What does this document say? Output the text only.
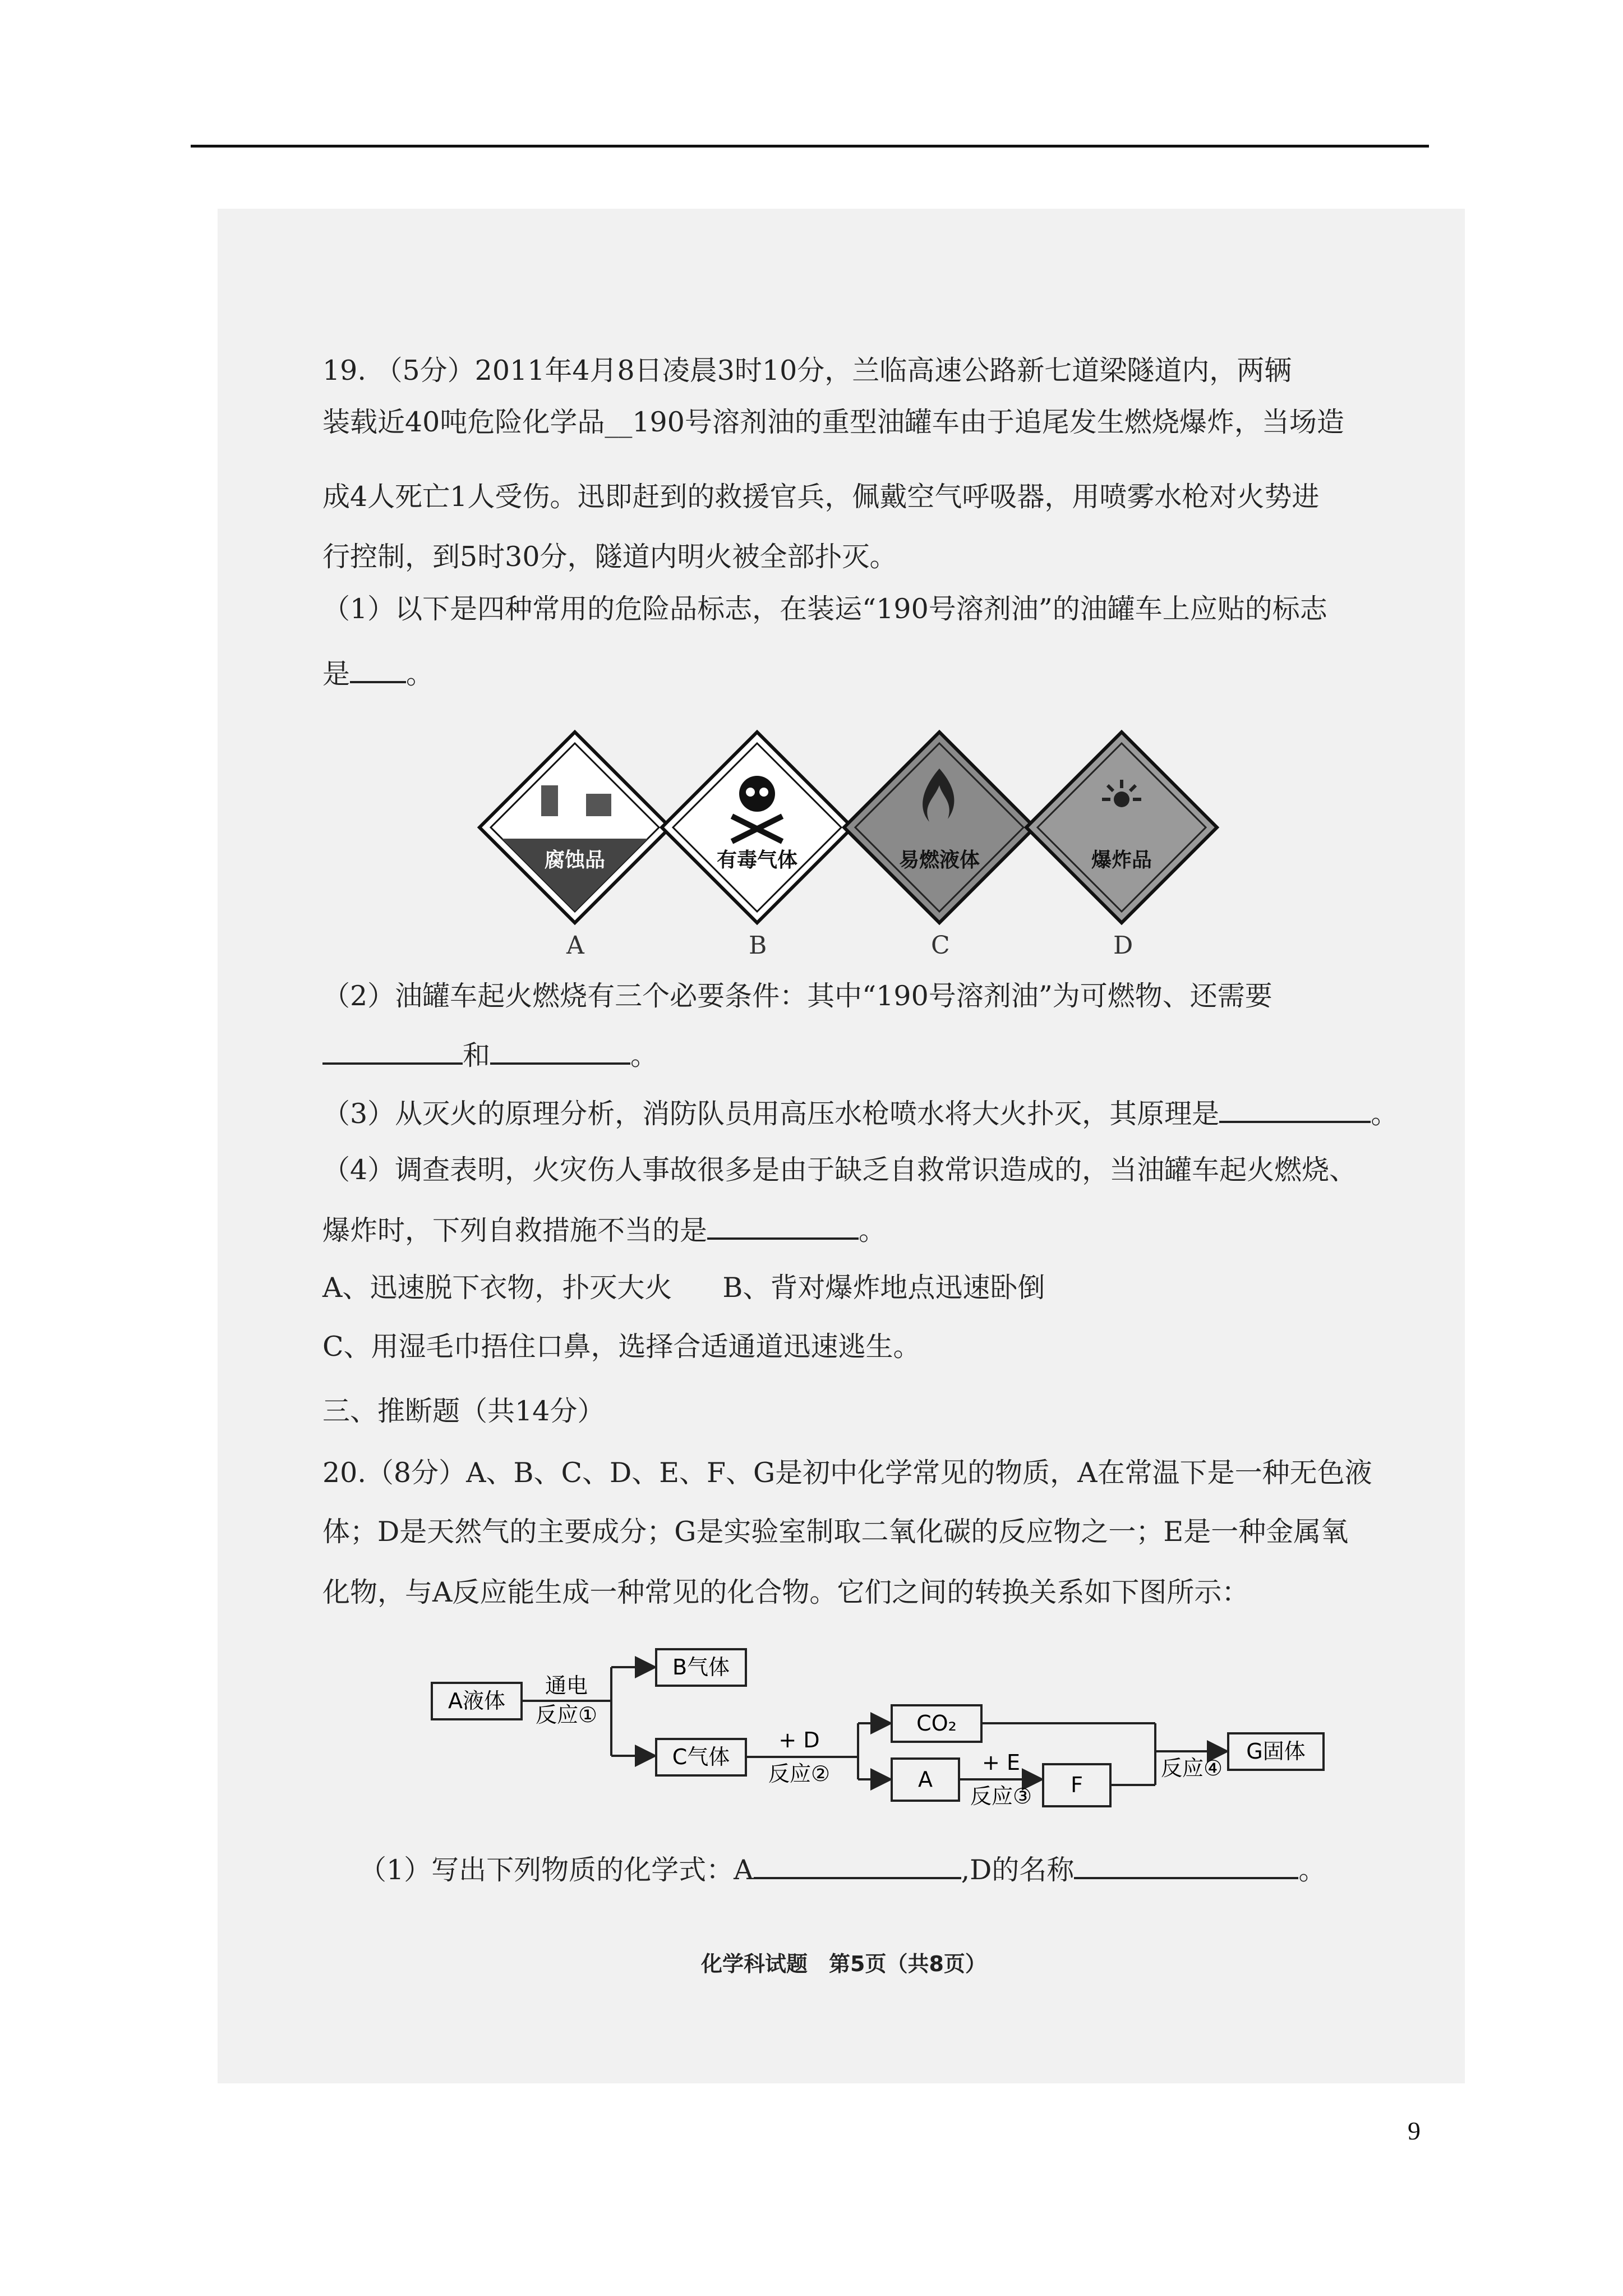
19. （5分）2011年4月8日凌晨3时10分，兰临高速公路新七道梁隧道内，两辆
装载近40吨危险化学品__190号溶剂油的重型油罐车由于追尾发生燃烧爆炸，当场造
成4人死亡1人受伤。迅即赶到的救援官兵，佩戴空气呼吸器，用喷雾水枪对火势进
行控制，到5时30分，隧道内明火被全部扑灭。
（1）以下是四种常用的危险品标志，在装运“190号溶剂油”的油罐车上应贴的标志
是 。
腐蚀品	有毒气体	易燃液体	爆炸品
A	B	C	D
（2）油罐车起火燃烧有三个必要条件：其中“190号溶剂油”为可燃物、还需要
和	。
（3）从灭火的原理分析，消防队员用高压水枪喷水将大火扑灭，其原理是	。
（4）调查表明，火灾伤人事故很多是由于缺乏自救常识造成的，当油罐车起火燃烧、
爆炸时，下列自救措施不当的是	。
A、迅速脱下衣物，扑灭大火 B、背对爆炸地点迅速卧倒
C、用湿毛巾捂住口鼻，选择合适通道迅速逃生。
三、推断题（共14分）
20.（8分）A、B、C、D、E、F、G是初中化学常见的物质，A在常温下是一种无色液
体；D是天然气的主要成分；G是实验室制取二氧化碳的反应物之一；E是一种金属氧
化物，与A反应能生成一种常见的化合物。它们之间的转换关系如下图所示：
A液体
B气体
C气体
CO₂
A	F
G固体
通电
反应①
+ D
反应②	+ E
反应③
反应④
（1）写出下列物质的化学式：A	,D的名称	。
化学科试题　第5页（共8页）
9
